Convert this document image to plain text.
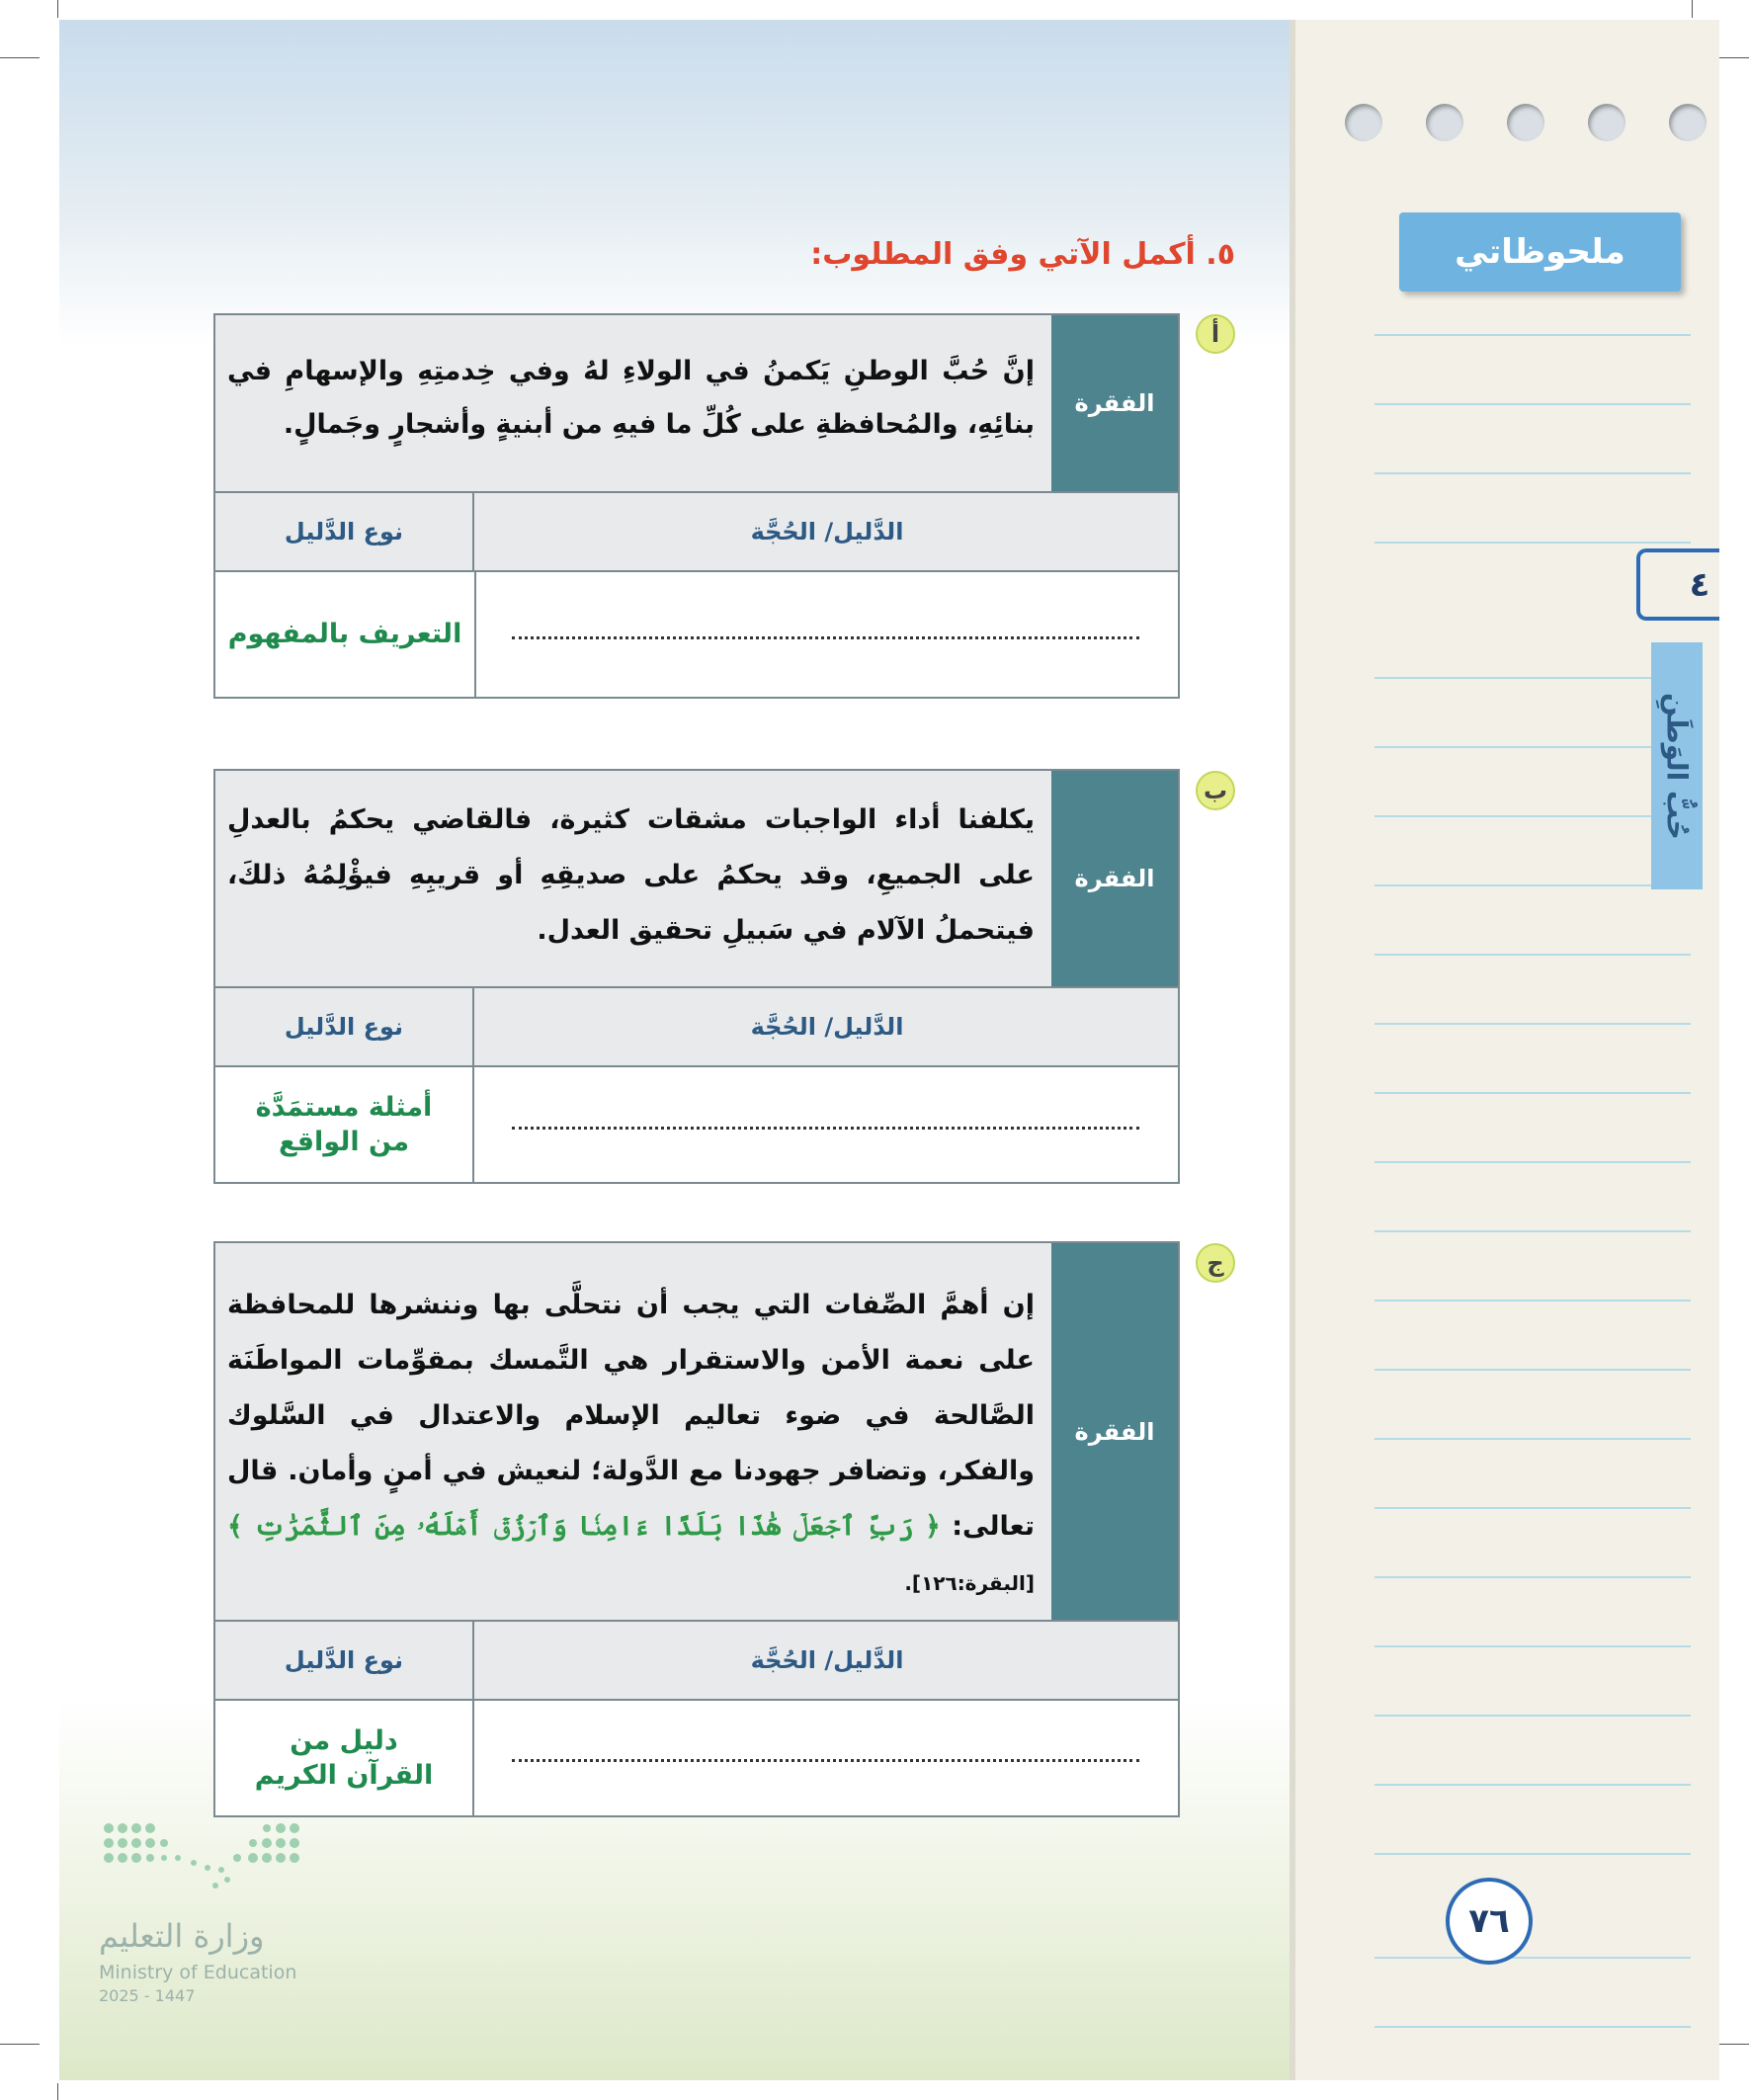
ملحوظاتي
٤
حُبُّ الوَطَنِ
٧٦
٥. أكمل الآتي وفق المطلوب:
أ
الفقرة
إنَّ حُبَّ الوطنِ يَكمنُ في الولاءِ لهُ وفي خِدمتِهِ والإسهامِ في بنائِهِ، والمُحافظةِ على كُلِّ ما فيهِ من أبنيةٍ وأشجارٍ وجَمالٍ.
نوع الدَّليل	الدَّليل/ الحُجَّة
التعريف بالمفهوم
ب
الفقرة
يكلفنا أداء الواجبات مشقات كثيرة، فالقاضي يحكمُ بالعدلِ على الجميعِ، وقد يحكمُ على صديقِهِ أو قريبِهِ فيؤْلِمُهُ ذلكَ، فيتحملُ الآلام في سَبيلِ تحقيق العدل.
نوع الدَّليل	الدَّليل/ الحُجَّة
أمثلة مستمَدَّة من الواقع
ج
الفقرة
إن أهمَّ الصِّفات التي يجب أن نتحلَّى بها وننشرها للمحافظة على نعمة الأمن والاستقرار هي التَّمسك بمقوِّمات المواطَنَة الصَّالحة في ضوء تعاليم الإسلام والاعتدال في السَّلوك والفكر، وتضافر جهودنا مع الدَّولة؛ لنعيش في أمنٍ وأمان. قال تعالى: ﴿ رَبِّ ٱجۡعَلۡ هَٰذَا بَلَدًا ءَامِنٗا وَٱرۡزُقۡ أَهۡلَهُۥ مِنَ ٱلثَّمَرَٰتِ ﴾ [البقرة:١٢٦].
نوع الدَّليل	الدَّليل/ الحُجَّة
دليل من القرآن الكريم
وزارة التعليم
Ministry of Education
2025 - 1447
